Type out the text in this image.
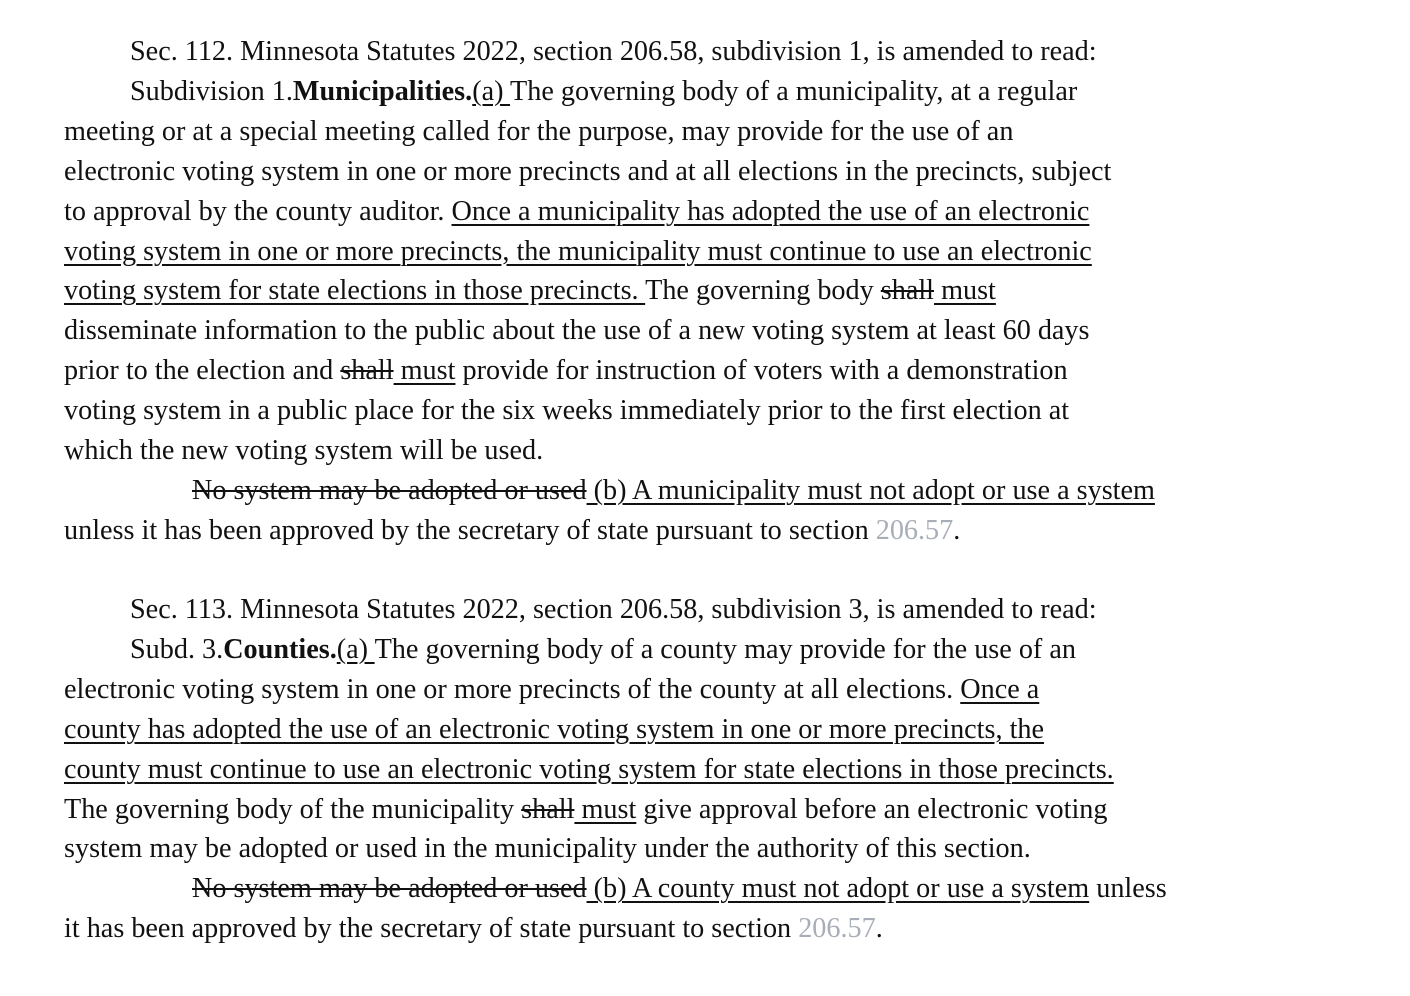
Sec. 112. Minnesota Statutes 2022, section 206.58, subdivision 1, is amended to read:
Subdivision 1.Municipalities.(a) The governing body of a municipality, at a regular
meeting or at a special meeting called for the purpose, may provide for the use of an
electronic voting system in one or more precincts and at all elections in the precincts, subject
to approval by the county auditor. Once a municipality has adopted the use of an electronic
voting system in one or more precincts, the municipality must continue to use an electronic
voting system for state elections in those precincts. The governing body shall must
disseminate information to the public about the use of a new voting system at least 60 days
prior to the election and shall must provide for instruction of voters with a demonstration
voting system in a public place for the six weeks immediately prior to the first election at
which the new voting system will be used.
No system may be adopted or used (b) A municipality must not adopt or use a system
unless it has been approved by the secretary of state pursuant to section 206.57.
Sec. 113. Minnesota Statutes 2022, section 206.58, subdivision 3, is amended to read:
Subd. 3.Counties.(a) The governing body of a county may provide for the use of an
electronic voting system in one or more precincts of the county at all elections. Once a
county has adopted the use of an electronic voting system in one or more precincts, the
county must continue to use an electronic voting system for state elections in those precincts.
The governing body of the municipality shall must give approval before an electronic voting
system may be adopted or used in the municipality under the authority of this section.
No system may be adopted or used (b) A county must not adopt or use a system unless
it has been approved by the secretary of state pursuant to section 206.57.
